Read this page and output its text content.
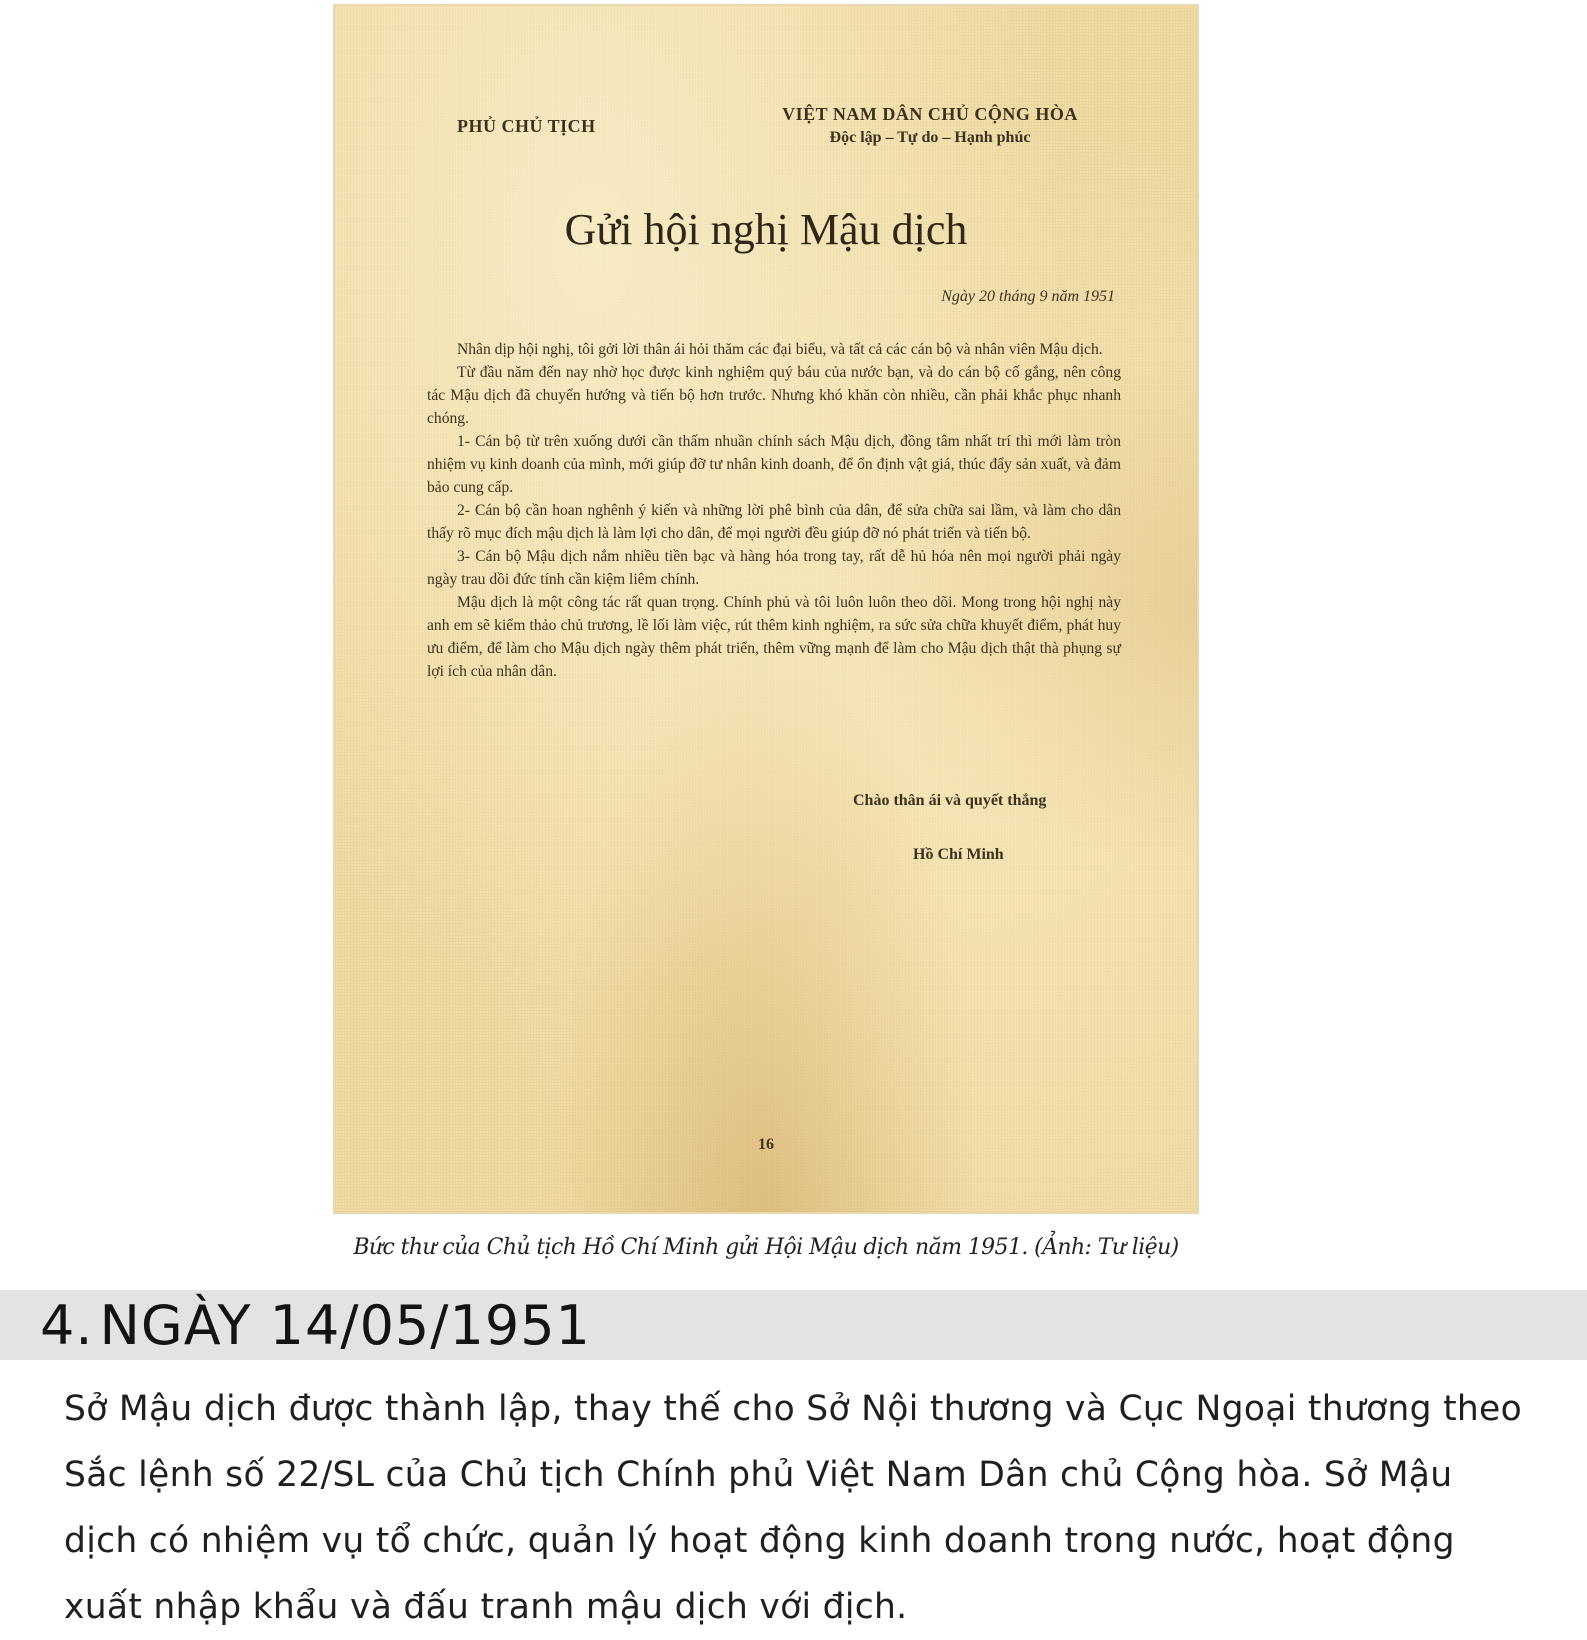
PHỦ CHỦ TỊCH
VIỆT NAM DÂN CHỦ CỘNG HÒA
Độc lập – Tự do – Hạnh phúc
Gửi hội nghị Mậu dịch
Ngày 20 tháng 9 năm 1951

Nhân dịp hội nghị, tôi gởi lời thân ái hỏi thăm các đại biểu, và tất cả các cán bộ và nhân viên Mậu dịch.

Từ đầu năm đến nay nhờ học được kinh nghiệm quý báu của nước bạn, và do cán bộ cố gắng, nên công tác Mậu dịch đã chuyển hướng và tiến bộ hơn trước. Nhưng khó khăn còn nhiều, cần phải khắc phục nhanh chóng.

1- Cán bộ từ trên xuống dưới cần thấm nhuần chính sách Mậu dịch, đồng tâm nhất trí thì mới làm tròn nhiệm vụ kinh doanh của mình, mới giúp đỡ tư nhân kinh doanh, để ổn định vật giá, thúc đẩy sản xuất, và đảm bảo cung cấp.

2- Cán bộ cần hoan nghênh ý kiến và những lời phê bình của dân, để sửa chữa sai lầm, và làm cho dân thấy rõ mục đích mậu dịch là làm lợi cho dân, để mọi người đều giúp đỡ nó phát triển và tiến bộ.

3- Cán bộ Mậu dịch nắm nhiều tiền bạc và hàng hóa trong tay, rất dễ hủ hóa nên mọi người phải ngày ngày trau dồi đức tính cần kiệm liêm chính.

Mậu dịch là một công tác rất quan trọng. Chính phủ và tôi luôn luôn theo dõi. Mong trong hội nghị này anh em sẽ kiểm thảo chủ trương, lề lối làm việc, rút thêm kinh nghiệm, ra sức sửa chữa khuyết điểm, phát huy ưu điểm, để làm cho Mậu dịch ngày thêm phát triển, thêm vững mạnh để làm cho Mậu dịch thật thà phụng sự lợi ích của nhân dân.

Chào thân ái và quyết thắng
Hồ Chí Minh
16
Bức thư của Chủ tịch Hồ Chí Minh gửi Hội Mậu dịch năm 1951. (Ảnh: Tư liệu)
4. NGÀY 14/05/1951

Sở Mậu dịch được thành lập, thay thế cho Sở Nội thương và Cục Ngoại thương theo Sắc lệnh số 22/SL của Chủ tịch Chính phủ Việt Nam Dân chủ Cộng hòa. Sở Mậu dịch có nhiệm vụ tổ chức, quản lý hoạt động kinh doanh trong nước, hoạt động xuất nhập khẩu và đấu tranh mậu dịch với địch.
